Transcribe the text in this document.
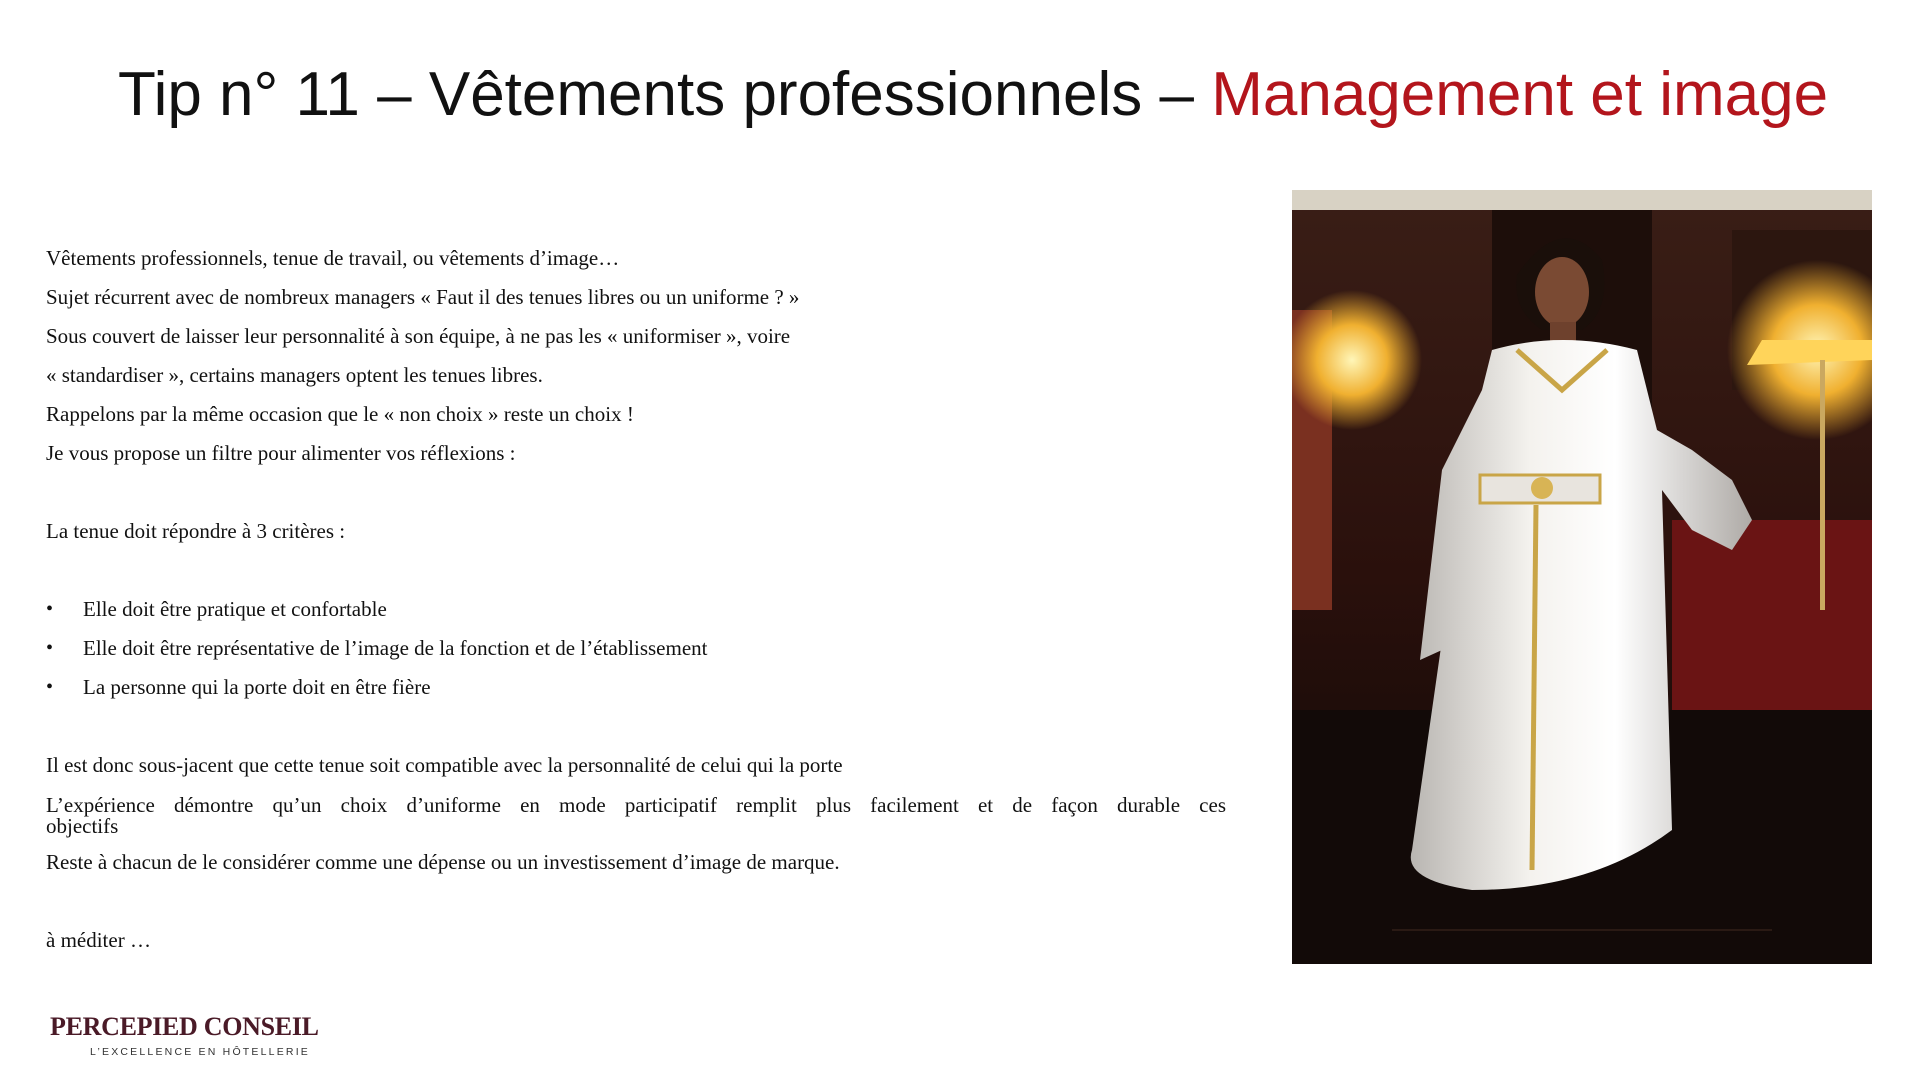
Tip n° 11 – Vêtements professionnels – Management et image
Vêtements professionnels, tenue de travail, ou vêtements d’image…
Sujet récurrent avec de nombreux managers « Faut il des tenues libres ou un uniforme ? »
Sous couvert de laisser leur personnalité à son équipe, à ne pas les « uniformiser », voire
« standardiser », certains managers optent les tenues libres.
Rappelons par la même occasion que le « non choix » reste un choix !
Je vous propose un filtre pour alimenter vos réflexions :
La tenue doit répondre à 3 critères :
•	Elle doit être pratique et confortable
•	Elle doit être représentative de l’image de la fonction et de l’établissement
•	La personne qui la porte doit en être fière
Il est donc sous-jacent que cette tenue soit compatible avec la personnalité de celui qui la porte
L’expérience démontre qu’un choix d’uniforme en mode participatif remplit plus facilement et de façon durable ces
objectifs
Reste à chacun de le considérer comme une dépense ou un investissement d’image de marque.
à méditer …
PERCEPIED CONSEIL
L’EXCELLENCE EN HÔTELLERIE
